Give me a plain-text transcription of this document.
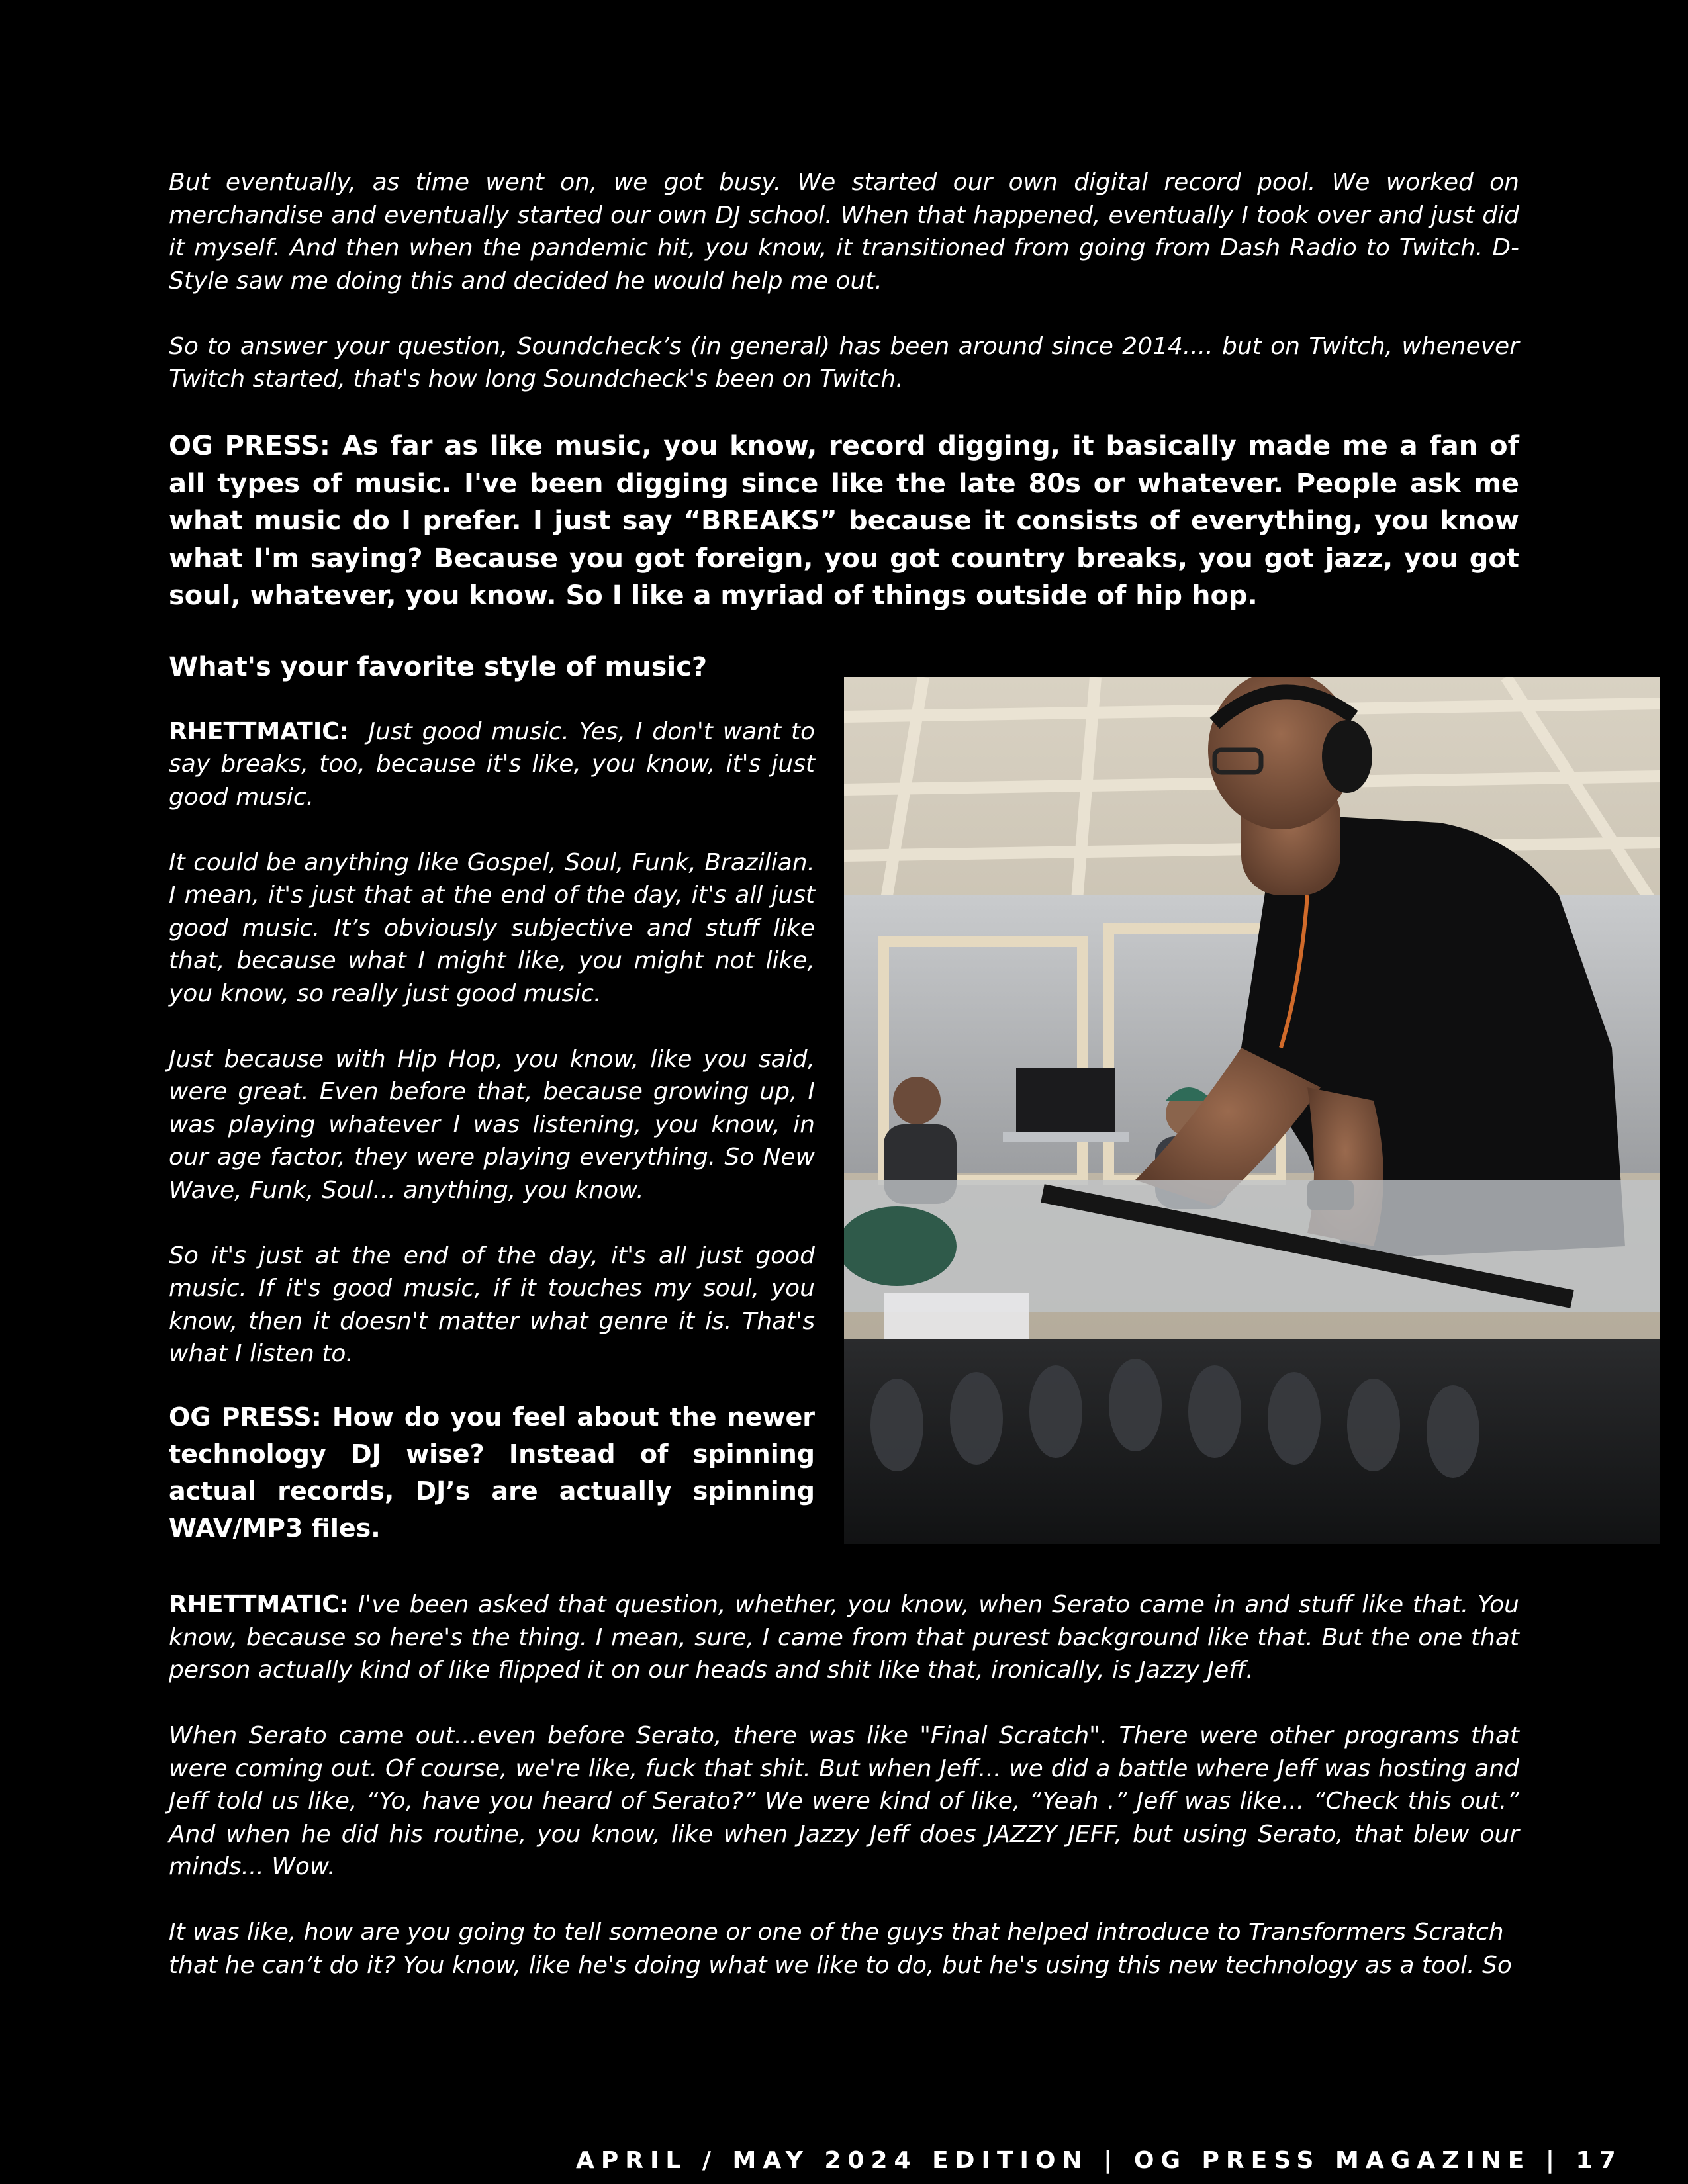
But eventually, as time went on, we got busy. We started our own digital record pool. We worked on merchandise and eventually started our own DJ school. When that happened, eventually I took over and just did it myself. And then when the pandemic hit, you know, it transitioned from going from Dash Radio to Twitch. D-Style saw me doing this and decided he would help me out.

So to answer your question, Soundcheck’s (in general) has been around since 2014.... but on Twitch, whenever Twitch started, that's how long Soundcheck's been on Twitch.

OG PRESS: As far as like music, you know, record digging, it basically made me a fan of all types of music. I've been digging since like the late 80s or whatever. People ask me what music do I prefer. I just say “BREAKS” because it consists of everything, you know what I'm saying? Because you got foreign, you got country breaks, you got jazz, you got soul, whatever, you know. So I like a myriad of things outside of hip hop.

What's your favorite style of music?

RHETTMATIC: Just good music. Yes, I don't want to say breaks, too, because it's like, you know, it's just good music.

It could be anything like Gospel, Soul, Funk, Brazilian. I mean, it's just that at the end of the day, it's all just good music. It’s obviously subjective and stuff like that, because what I might like, you might not like, you know, so really just good music.

Just because with Hip Hop, you know, like you said, were great. Even before that, because growing up, I was playing whatever I was listening, you know, in our age factor, they were playing everything. So New Wave, Funk, Soul... anything, you know.

So it's just at the end of the day, it's all just good music. If it's good music, if it touches my soul, you know, then it doesn't matter what genre it is. That's what I listen to.

OG PRESS: How do you feel about the newer technology DJ wise? Instead of spinning actual records, DJ’s are actually spinning WAV/MP3 files.

RHETTMATIC: I've been asked that question, whether, you know, when Serato came in and stuff like that. You know, because so here's the thing. I mean, sure, I came from that purest background like that. But the one that person actually kind of like flipped it on our heads and shit like that, ironically, is Jazzy Jeff.

When Serato came out...even before Serato, there was like "Final Scratch". There were other programs that were coming out. Of course, we're like, fuck that shit. But when Jeff... we did a battle where Jeff was hosting and Jeff told us like, “Yo, have you heard of Serato?” We were kind of like, “Yeah .” Jeff was like... “Check this out.” And when he did his routine, you know, like when Jazzy Jeff does JAZZY JEFF, but using Serato, that blew our minds... Wow.

It was like, how are you going to tell someone or one of the guys that helped introduce to Transformers Scratch that he can’t do it? You know, like he's doing what we like to do, but he's using this new technology as a tool. So

APRIL / MAY 2024 EDITION | OG PRESS MAGAZINE | 17
